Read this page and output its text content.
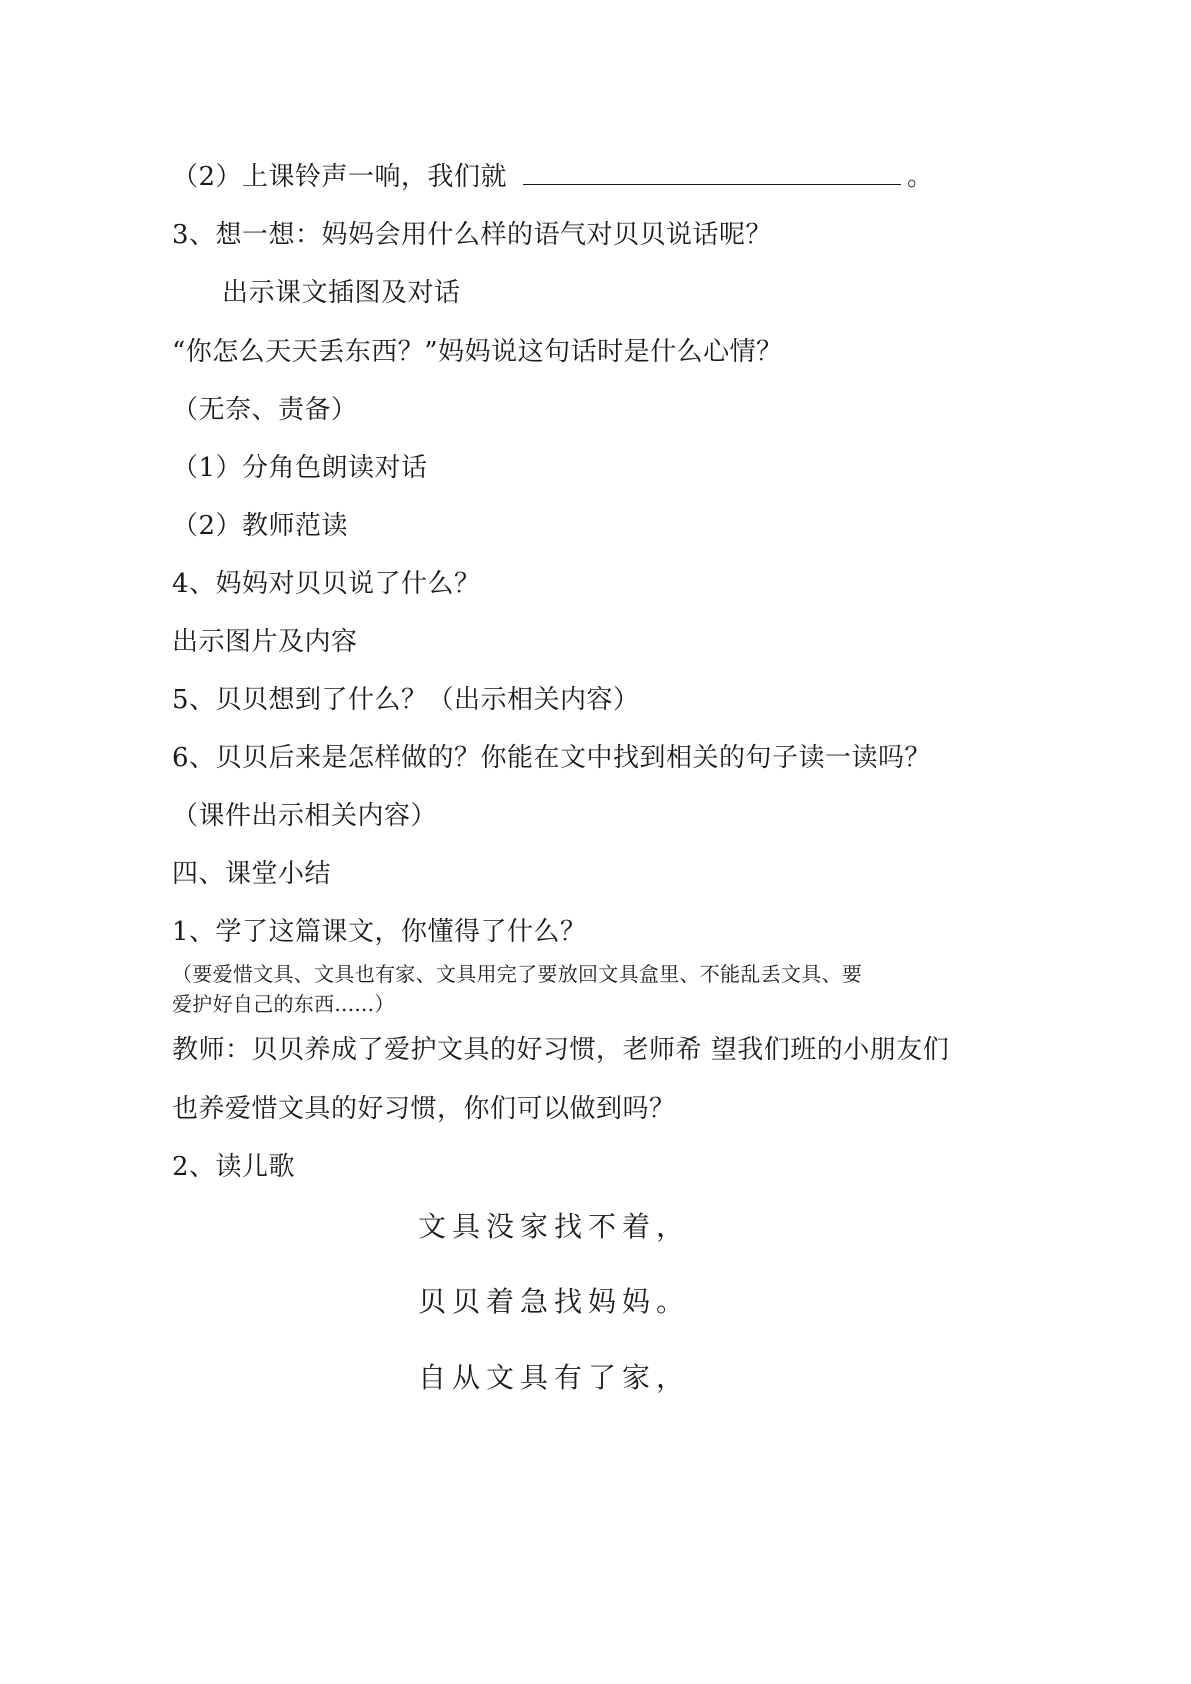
（2）上课铃声一响，我们就	。
3、想一想：妈妈会用什么样的语气对贝贝说话呢？
出示课文插图及对话
“你怎么天天丢东西？”妈妈说这句话时是什么心情？
（无奈、责备）
（1）分角色朗读对话
（2）教师范读
4、妈妈对贝贝说了什么？
出示图片及内容
5、贝贝想到了什么？（出示相关内容）
6、贝贝后来是怎样做的？你能在文中找到相关的句子读一读吗？
（课件出示相关内容）
四、课堂小结
1、学了这篇课文，你懂得了什么？
（要爱惜文具、文具也有家、文具用完了要放回文具盒里、不能乱丢文具、要
爱护好自己的东西......）
教师：贝贝养成了爱护文具的好习惯，老师希 望我们班的小朋友们
也养爱惜文具的好习惯，你们可以做到吗？
2、读儿歌
文具没家找不着，
贝贝着急找妈妈。
自从文具有了家，
